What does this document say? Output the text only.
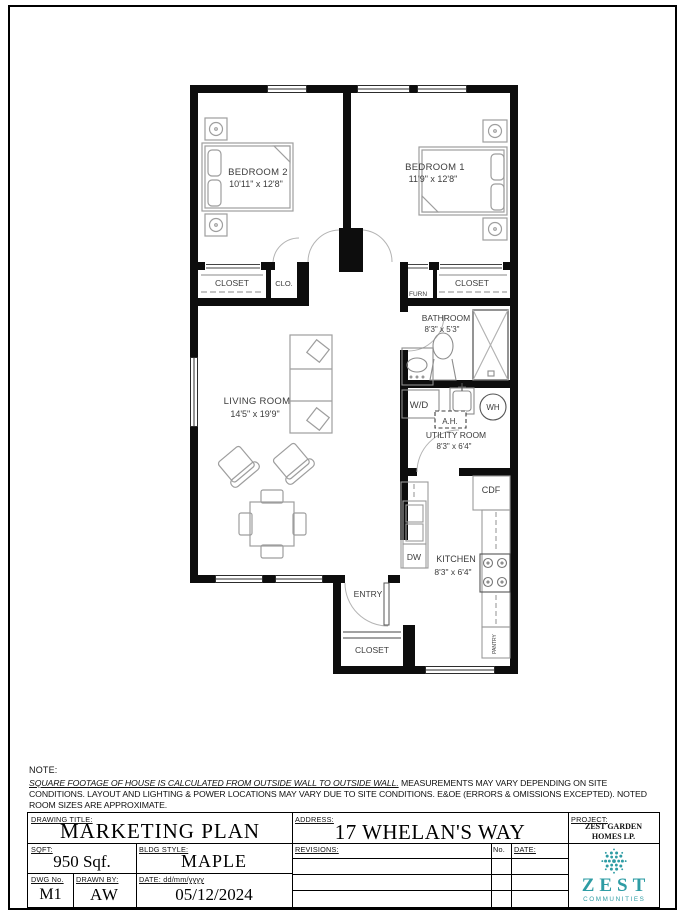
BEDROOM 2
10'11" x 12'8"
BEDROOM 1
11'9" x 12'8"
CLOSET	CLO.
FURN
CLOSET
BATHROOM
8'3" x 5'3"
W/D
A.H.
WH
UTILITY ROOM
8'3" x 6'4"
LIVING ROOM
14'5" x 19'9"
CDF
DW KITCHEN
8'3" x 6'4"
PANTRY
ENTRY
CLOSET
NOTE:
SQUARE FOOTAGE OF HOUSE IS CALCULATED FROM OUTSIDE WALL TO OUTSIDE WALL. MEASUREMENTS MAY VARY DEPENDING ON SITE CONDITIONS. LAYOUT AND LIGHTING & POWER LOCATIONS MAY VARY DUE TO SITE CONDITIONS. E&OE (ERRORS & OMISSIONS EXCEPTED). NOTED ROOM SIZES ARE APPROXIMATE.
DRAWING TITLE:
MARKETING PLAN	ADDRESS:
17 WHELAN'S WAY
PROJECT:
ZEST GARDEN HOMES LP.
SQFT:
950 Sqf.
BLDG STYLE:
MAPLE
REVISIONS:	No. DATE:
DWG No.
M1
DRAWN BY:
AW
DATE: dd/mm/yyyy
05/12/2024	ZEST
COMMUNITIES
